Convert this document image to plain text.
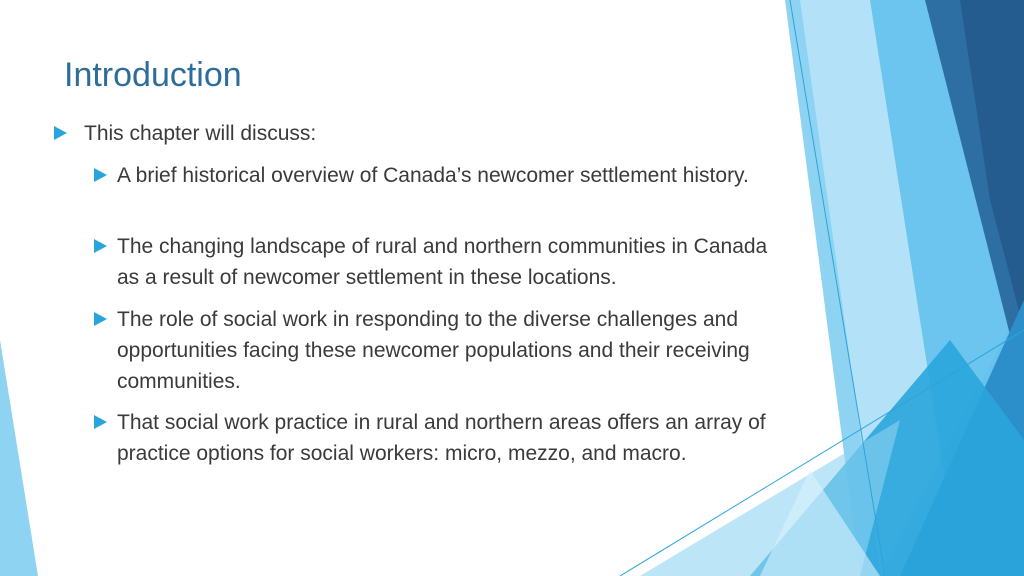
Introduction
This chapter will discuss:
A brief historical overview of Canada’s newcomer settlement history.
The changing landscape of rural and northern communities in Canada as a result of newcomer settlement in these locations.
The role of social work in responding to the diverse challenges and opportunities facing these newcomer populations and their receiving communities.
That social work practice in rural and northern areas offers an array of practice options for social workers: micro, mezzo, and macro.
